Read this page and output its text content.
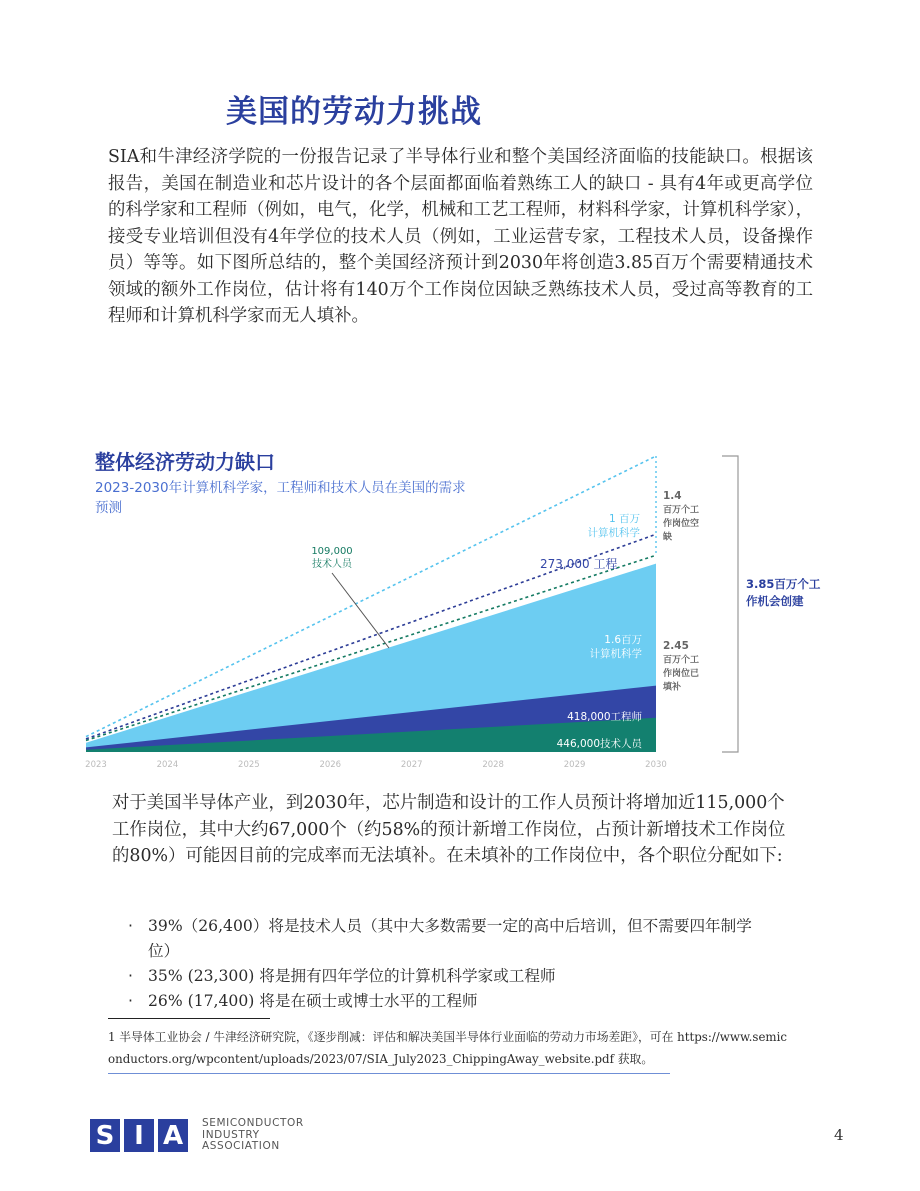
美国的劳动力挑战

SIA和牛津经济学院的一份报告记录了半导体行业和整个美国经济面临的技能缺口。根据该报告，美国在制造业和芯片设计的各个层面都面临着熟练工人的缺口 - 具有4年或更高学位的科学家和工程师（例如，电气，化学，机械和工艺工程师，材料科学家，计算机科学家），接受专业培训但没有4年学位的技术人员（例如，工业运营专家，工程技术人员，设备操作员）等等。如下图所总结的，整个美国经济预计到2030年将创造3.85百万个需要精通技术领域的额外工作岗位，估计将有140万个工作岗位因缺乏熟练技术人员，受过高等教育的工程师和计算机科学家而无人填补。

整体经济劳动力缺口

2023-2030年计算机科学家，工程师和技术人员在美国的需求预测

2023	2024	2025	2026	2027	2028	2029	2030
109,000
技术人员	273,000 工程
1 百万
计算机科学
1.6百万
计算机科学
418,000工程师
446,000技术人员
1.4
百万个工
作岗位空
缺
2.45
百万个工
作岗位已
填补
3.85百万个工
作机会创建

对于美国半导体产业，到2030年，芯片制造和设计的工作人员预计将增加近115,000个工作岗位，其中大约67,000个（约58%的预计新增工作岗位，占预计新增技术工作岗位的80%）可能因目前的完成率而无法填补。在未填补的工作岗位中，各个职位分配如下:

· 39%（26,400）将是技术人员（其中大多数需要一定的高中后培训，但不需要四年制学位）
· 35% (23,300) 将是拥有四年学位的计算机科学家或工程师
· 26% (17,400) 将是在硕士或博士水平的工程师

1 半导体工业协会 / 牛津经济研究院，《逐步削减：评估和解决美国半导体行业面临的劳动力市场差距》，可在 https://www.semiconductors.org/wpcontent/uploads/2023/07/SIA_July2023_ChippingAway_website.pdf 获取。

S I A	SEMICONDUCTOR
INDUSTRY
ASSOCIATION
4
